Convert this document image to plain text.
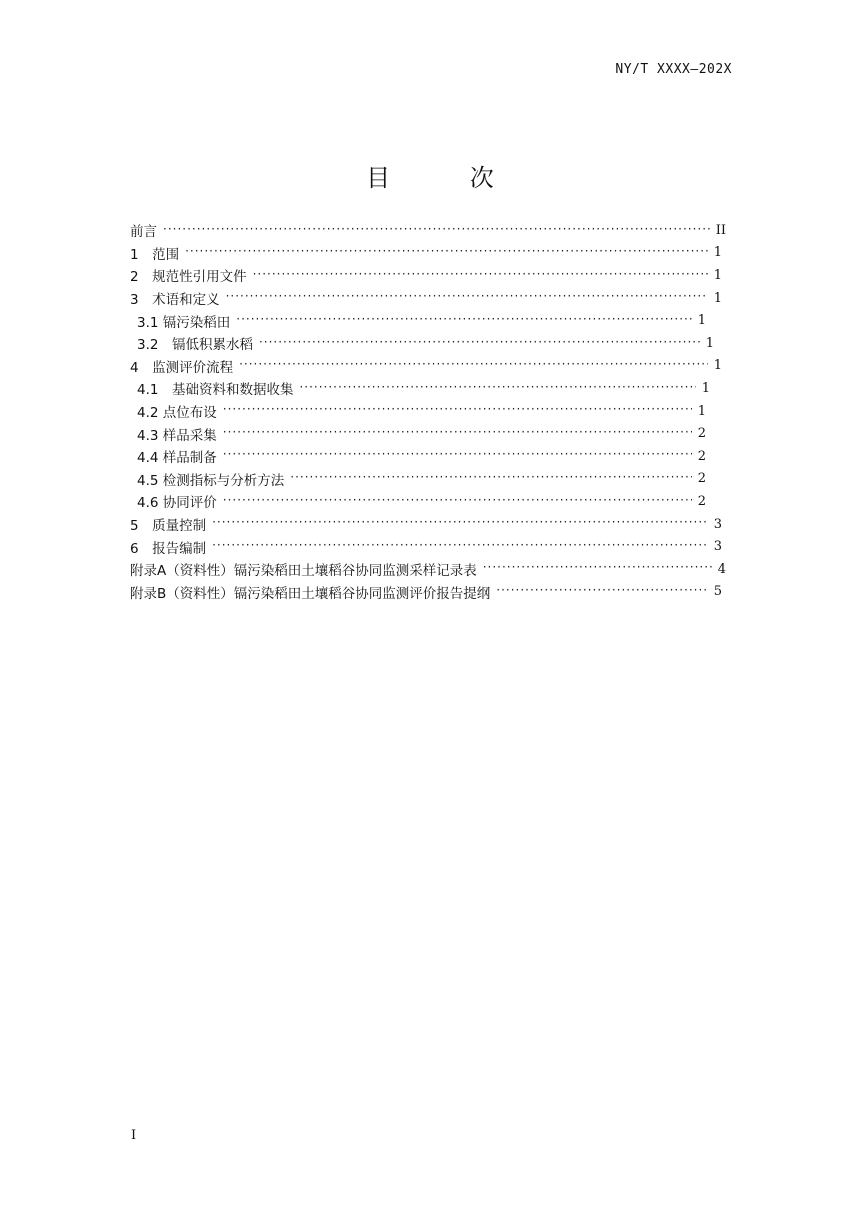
NY/T XXXX—202X
目 次
前言 ·····	II
1　范围 ·····	1
2　规范性引用文件 ·····	1
3　术语和定义 ·····	1
3.1 镉污染稻田 ·····	1
3.2　镉低积累水稻 ·····	1
4　监测评价流程 ·····	1
4.1　基础资料和数据收集 ·····	1
4.2 点位布设 ·····	1
4.3 样品采集 ·····	2
4.4 样品制备 ·····	2
4.5 检测指标与分析方法 ·····	2
4.6 协同评价 ·····	2
5　质量控制 ·····	3
6　报告编制 ·····	3
附录A（资料性）镉污染稻田土壤稻谷协同监测采样记录表 ·····	4
附录B（资料性）镉污染稻田土壤稻谷协同监测评价报告提纲 ·····	5
I
